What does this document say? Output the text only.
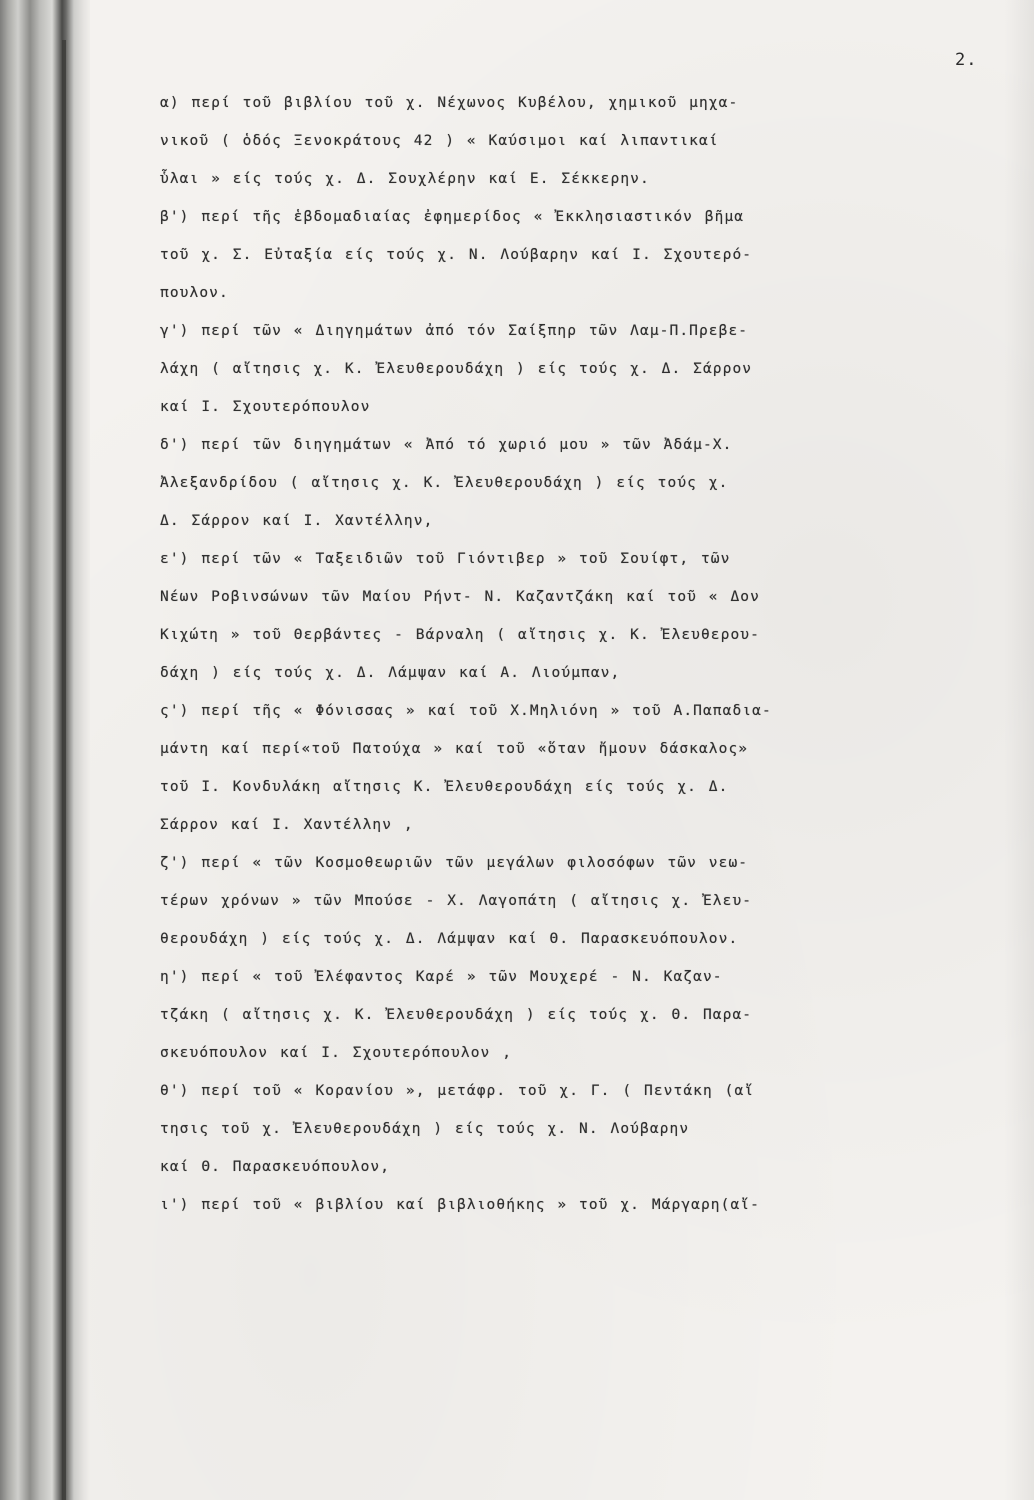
2.
α) περί τοῦ βιβλίου τοῦ χ. Νέχωνος Κυβέλου, χημικοῦ μηχα-
νικοῦ ( ὁδός Ξενοκράτους 42 ) « Καύσιμοι καί λιπαντικαί
ὗλαι » είς τούς χ. Δ. Σουχλέρην καί Ε. Σέκκερην.
β') περί τῆς ἑβδομαδιαίας ἐφημερίδος « Ἐκκλησιαστικόν βῆμα
τοῦ χ. Σ. Εὐταξία είς τούς χ. Ν. Λούβαρην καί Ι. Σχουτερό-
πουλον.
γ') περί τῶν « Διηγημάτων ἀπό τόν Σαίξπηρ τῶν Λαμ-Π.Πρεβε-
λάχη ( αἴτησις χ. Κ. Ἐλευθερουδάχη ) είς τούς χ. Δ. Σάρρον
καί Ι. Σχουτερόπουλον
δ') περί τῶν διηγημάτων « Ἀπό τό χωριό μου » τῶν Ἀδάμ-Χ.
Ἀλεξανδρίδου ( αἴτησις χ. Κ. Ἐλευθερουδάχη ) είς τούς χ.
Δ. Σάρρον καί Ι. Χαντέλλην,
ε') περί τῶν « Ταξειδιῶν τοῦ Γιόντιβερ » τοῦ Σουίφτ, τῶν
Νέων Ροβινσώνων τῶν Μαίου Ρήντ- Ν. Καζαντζάκη καί τοῦ « Δον
Κιχώτη » τοῦ Θερβάντες - Βάρναλη ( αἴτησις χ. Κ. Ἐλευθερου-
δάχη ) είς τούς χ. Δ. Λάμψαν καί Α. Λιούμπαν,
ς') περί τῆς « Φόνισσας » καί τοῦ Χ.Μηλιόνη » τοῦ Α.Παπαδια-
μάντη καί περί«τοῦ Πατούχα » καί τοῦ «ὅταν ἤμουν δάσκαλος»
τοῦ Ι. Κονδυλάκη αἴτησις Κ. Ἐλευθερουδάχη είς τούς χ. Δ.
Σάρρον καί Ι. Χαντέλλην ,
ζ') περί « τῶν Κοσμοθεωριῶν τῶν μεγάλων φιλοσόφων τῶν νεω-
τέρων χρόνων » τῶν Μπούσε - Χ. Λαγοπάτη ( αἴτησις χ. Ἐλευ-
θερουδάχη ) είς τούς χ. Δ. Λάμψαν καί Θ. Παρασκευόπουλον.
η') περί « τοῦ Ἐλέφαντος Καρέ » τῶν Μουχερέ - Ν. Καζαν-
τζάκη ( αἴτησις χ. Κ. Ἐλευθερουδάχη ) είς τούς χ. Θ. Παρα-
σκευόπουλον καί Ι. Σχουτερόπουλον ,
θ') περί τοῦ « Κορανίου », μετάφρ. τοῦ χ. Γ. ( Πεντάκη (αἴ
τησις τοῦ χ. Ἐλευθερουδάχη ) είς τούς χ. Ν. Λούβαρην
καί Θ. Παρασκευόπουλον,
ι') περί τοῦ « βιβλίου καί βιβλιοθήκης » τοῦ χ. Μάργαρη(αἴ-
